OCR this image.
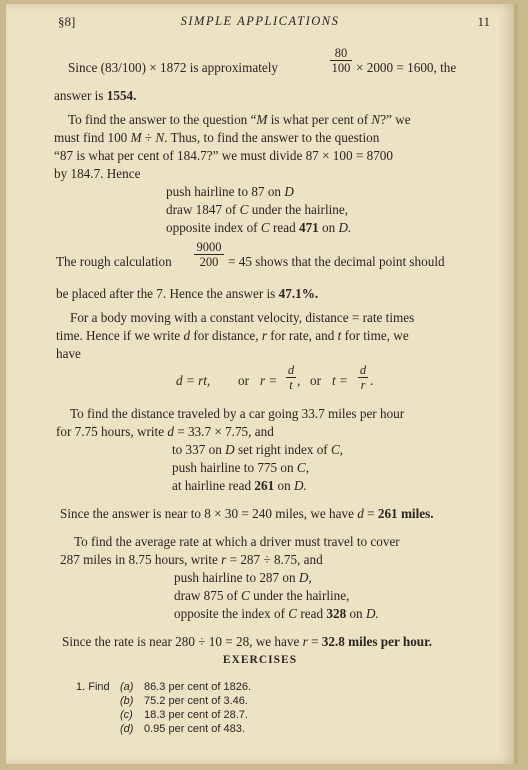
§8]	SIMPLE APPLICATIONS	11
Since (83/100) × 1872 is approximately
80
100 × 2000 = 1600, the
answer is 1554.
To find the answer to the question “M is what per cent of N?” we
must find 100 M ÷ N. Thus, to find the answer to the question
“87 is what per cent of 184.7?” we must divide 87 × 100 = 8700
by 184.7. Hence
push hairline to 87 on D
draw 1847 of C under the hairline,
opposite index of C read 471 on D.
The rough calculation
9000
200 = 45 shows that the decimal point should
be placed after the 7. Hence the answer is 47.1%.
For a body moving with a constant velocity, distance = rate times
time. Hence if we write d for distance, r for rate, and t for time, we
have
d = rt, or r =
d
t , or t =
d
r .
To find the distance traveled by a car going 33.7 miles per hour
for 7.75 hours, write d = 33.7 × 7.75, and
to 337 on D set right index of C,
push hairline to 775 on C,
at hairline read 261 on D.
Since the answer is near to 8 × 30 = 240 miles, we have d = 261 miles.
To find the average rate at which a driver must travel to cover
287 miles in 8.75 hours, write r = 287 ÷ 8.75, and
push hairline to 287 on D,
draw 875 of C under the hairline,
opposite the index of C read 328 on D.
Since the rate is near 280 ÷ 10 = 28, we have r = 32.8 miles per hour.
EXERCISES
1. Find (a) 86.3 per cent of 1826.
(b) 75.2 per cent of 3.46.
(c) 18.3 per cent of 28.7.
(d) 0.95 per cent of 483.
